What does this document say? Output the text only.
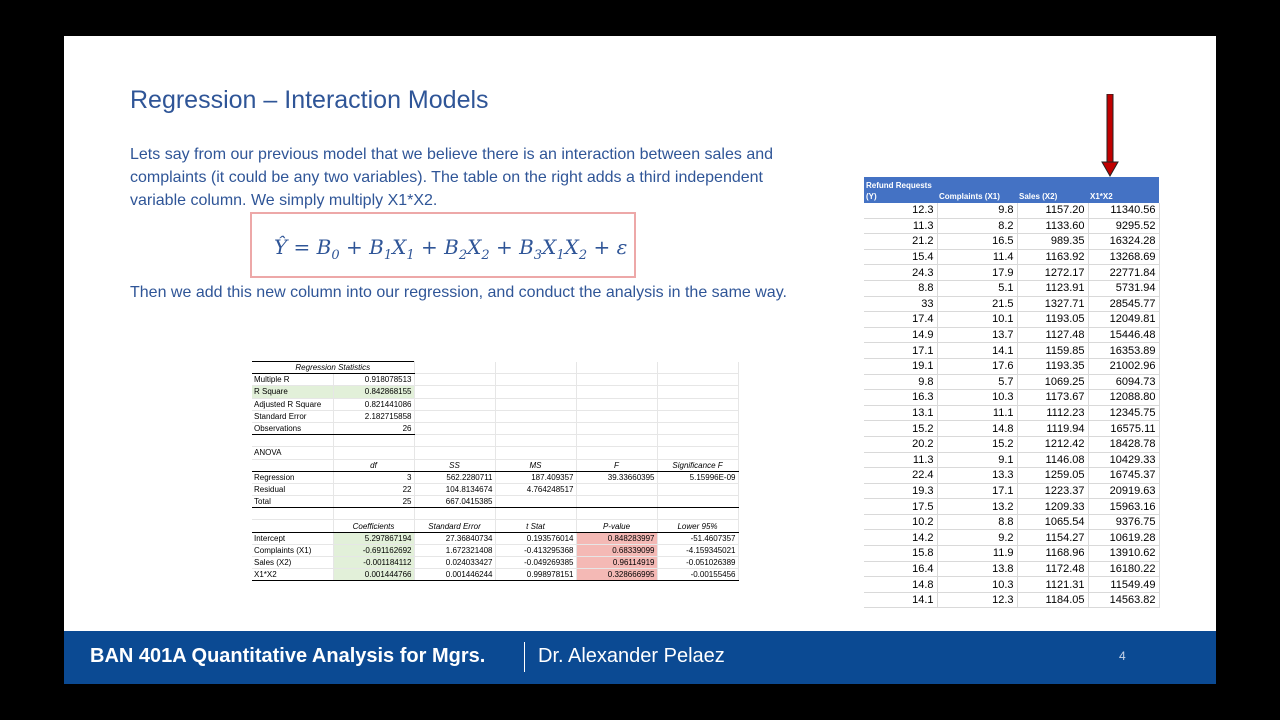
Regression – Interaction Models
Lets say from our previous model that we believe there is an interaction between sales and complaints (it could be any two variables). The table on the right adds a third independent variable column. We simply multiply X1*X2.
Ŷ = $B_0 + B_1X_1 + B_2X_2 + B_3X_1X_2 + \varepsilon$
Then we add this new column into our regression, and conduct the analysis in the same way.
Regression Statistics					
Multiple R	0.918078513				
R Square	0.842868155				
Adjusted R Square	0.821441086				
Standard Error	2.182715858				
Observations	26				

ANOVA					
	df	SS	MS	F	Significance F
Regression	3	562.2280711	187.409357	39.33660395	5.15996E-09
Residual	22	104.8134674	4.764248517		
Total	25	667.0415385			

	Coefficients	Standard Error	t Stat	P-value	Lower 95%
Intercept	5.297867194	27.36840734	0.193576014	0.848283997	-51.4607357
Complaints (X1)	-0.691162692	1.672321408	-0.413295368	0.68339099	-4.159345021
Sales (X2)	-0.001184112	0.024033427	-0.049269385	0.96114919	-0.051026389
X1*X2	0.001444766	0.001446244	0.998978151	0.328666995	-0.00155456
Refund Requests (Y)	Complaints (X1)	Sales (X2)	X1*X2
12.3	9.8	1157.20	11340.56
11.3	8.2	1133.60	9295.52
21.2	16.5	989.35	16324.28
15.4	11.4	1163.92	13268.69
24.3	17.9	1272.17	22771.84
8.8	5.1	1123.91	5731.94
33	21.5	1327.71	28545.77
17.4	10.1	1193.05	12049.81
14.9	13.7	1127.48	15446.48
17.1	14.1	1159.85	16353.89
19.1	17.6	1193.35	21002.96
9.8	5.7	1069.25	6094.73
16.3	10.3	1173.67	12088.80
13.1	11.1	1112.23	12345.75
15.2	14.8	1119.94	16575.11
20.2	15.2	1212.42	18428.78
11.3	9.1	1146.08	10429.33
22.4	13.3	1259.05	16745.37
19.3	17.1	1223.37	20919.63
17.5	13.2	1209.33	15963.16
10.2	8.8	1065.54	9376.75
14.2	9.2	1154.27	10619.28
15.8	11.9	1168.96	13910.62
16.4	13.8	1172.48	16180.22
14.8	10.3	1121.31	11549.49
14.1	12.3	1184.05	14563.82
BAN 401A Quantitative Analysis for Mgrs.	Dr. Alexander Pelaez	4
